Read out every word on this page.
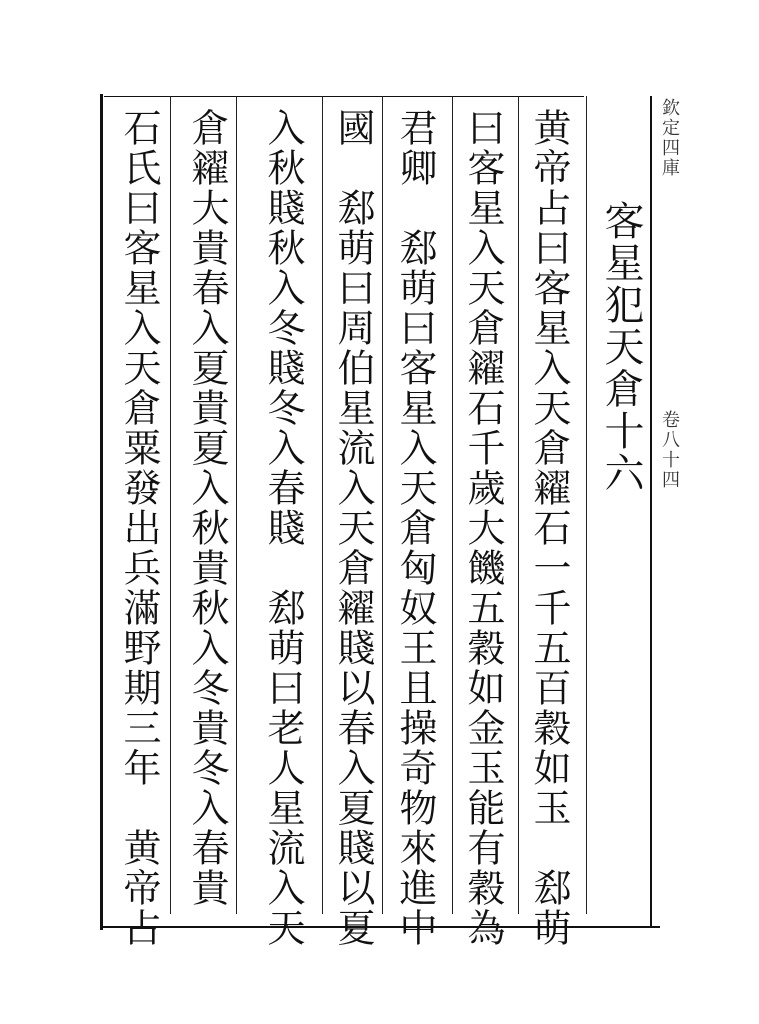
欽定四庫
卷八十四
客星犯天倉十六
黄帝占曰客星入天倉糴石一千五百穀如玉　郄萌
曰客星入天倉糴石千歲大饑五穀如金玉能有穀為
君卿　郄萌曰客星入天倉匈奴王且操奇物來進中
國　郄萌曰周伯星流入天倉糴賤以春入夏賤以夏
入秋賤秋入冬賤冬入春賤　郄萌曰老人星流入天
倉糴大貴春入夏貴夏入秋貴秋入冬貴冬入春貴
石氏曰客星入天倉粟發出兵滿野期三年　黄帝占
